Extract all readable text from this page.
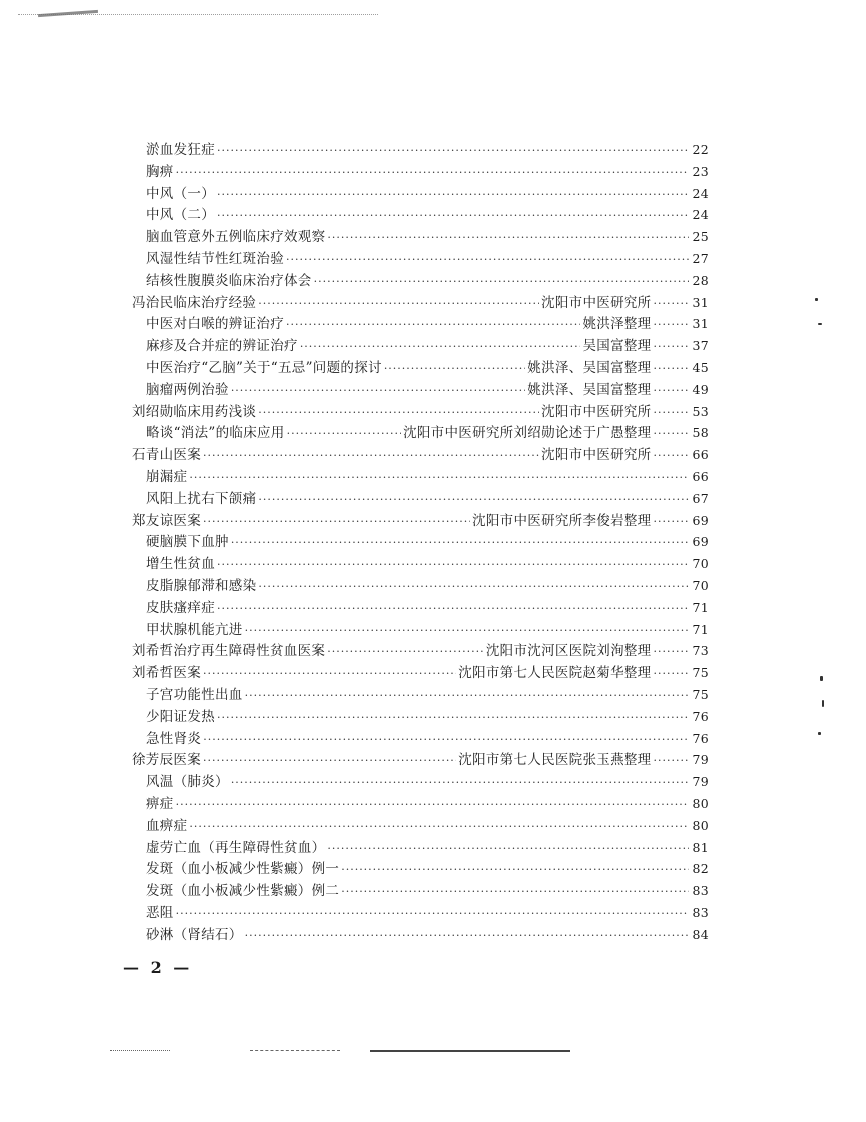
淤血发狂症 ·····	22
胸痹 ·····	23
中风（一） ·····	24
中风（二） ·····	24
脑血管意外五例临床疗效观察 ·····	25
风湿性结节性红斑治验 ·····	27
结核性腹膜炎临床治疗体会 ·····	28
冯治民临床治疗经验 ·····	沈阳市中医研究所 ·····	31
中医对白喉的辨证治疗 ·····	姚洪泽整理 ·····	31
麻疹及合并症的辨证治疗 ·····	吴国富整理 ·····	37
中医治疗“乙脑”关于“五忌”问题的探讨 ·····	姚洪泽、吴国富整理 ·····	45
脑瘤两例治验 ·····	姚洪泽、吴国富整理 ·····	49
刘绍勋临床用药浅谈 ·····	沈阳市中医研究所 ·····	53
略谈“消法”的临床应用 ·····	沈阳市中医研究所刘绍勋论述于广愚整理 ·····	58
石青山医案 ·····	沈阳市中医研究所 ·····	66
崩漏症 ·····	66
风阳上扰右下颌痛 ·····	67
郑友谅医案 ·····	沈阳市中医研究所李俊岩整理 ·····	69
硬脑膜下血肿 ·····	69
增生性贫血 ·····	70
皮脂腺郁滞和感染 ·····	70
皮肤瘙痒症 ·····	71
甲状腺机能亢进 ·····	71
刘希哲治疗再生障碍性贫血医案 ·····	沈阳市沈河区医院刘洵整理 ·····	73
刘希哲医案 ·····	沈阳市第七人民医院赵菊华整理 ·····	75
子宫功能性出血 ·····	75
少阳证发热 ·····	76
急性肾炎 ·····	76
徐芳辰医案 ·····	沈阳市第七人民医院张玉燕整理 ·····	79
风温（肺炎） ·····	79
痹症 ·····	80
血痹症 ·····	80
虚劳亡血（再生障碍性贫血） ·····	81
发斑（血小板减少性紫癜）例一 ·····	82
发斑（血小板减少性紫癜）例二 ·····	83
恶阻 ·····	83
砂淋（肾结石） ·····	84
— 2 —
